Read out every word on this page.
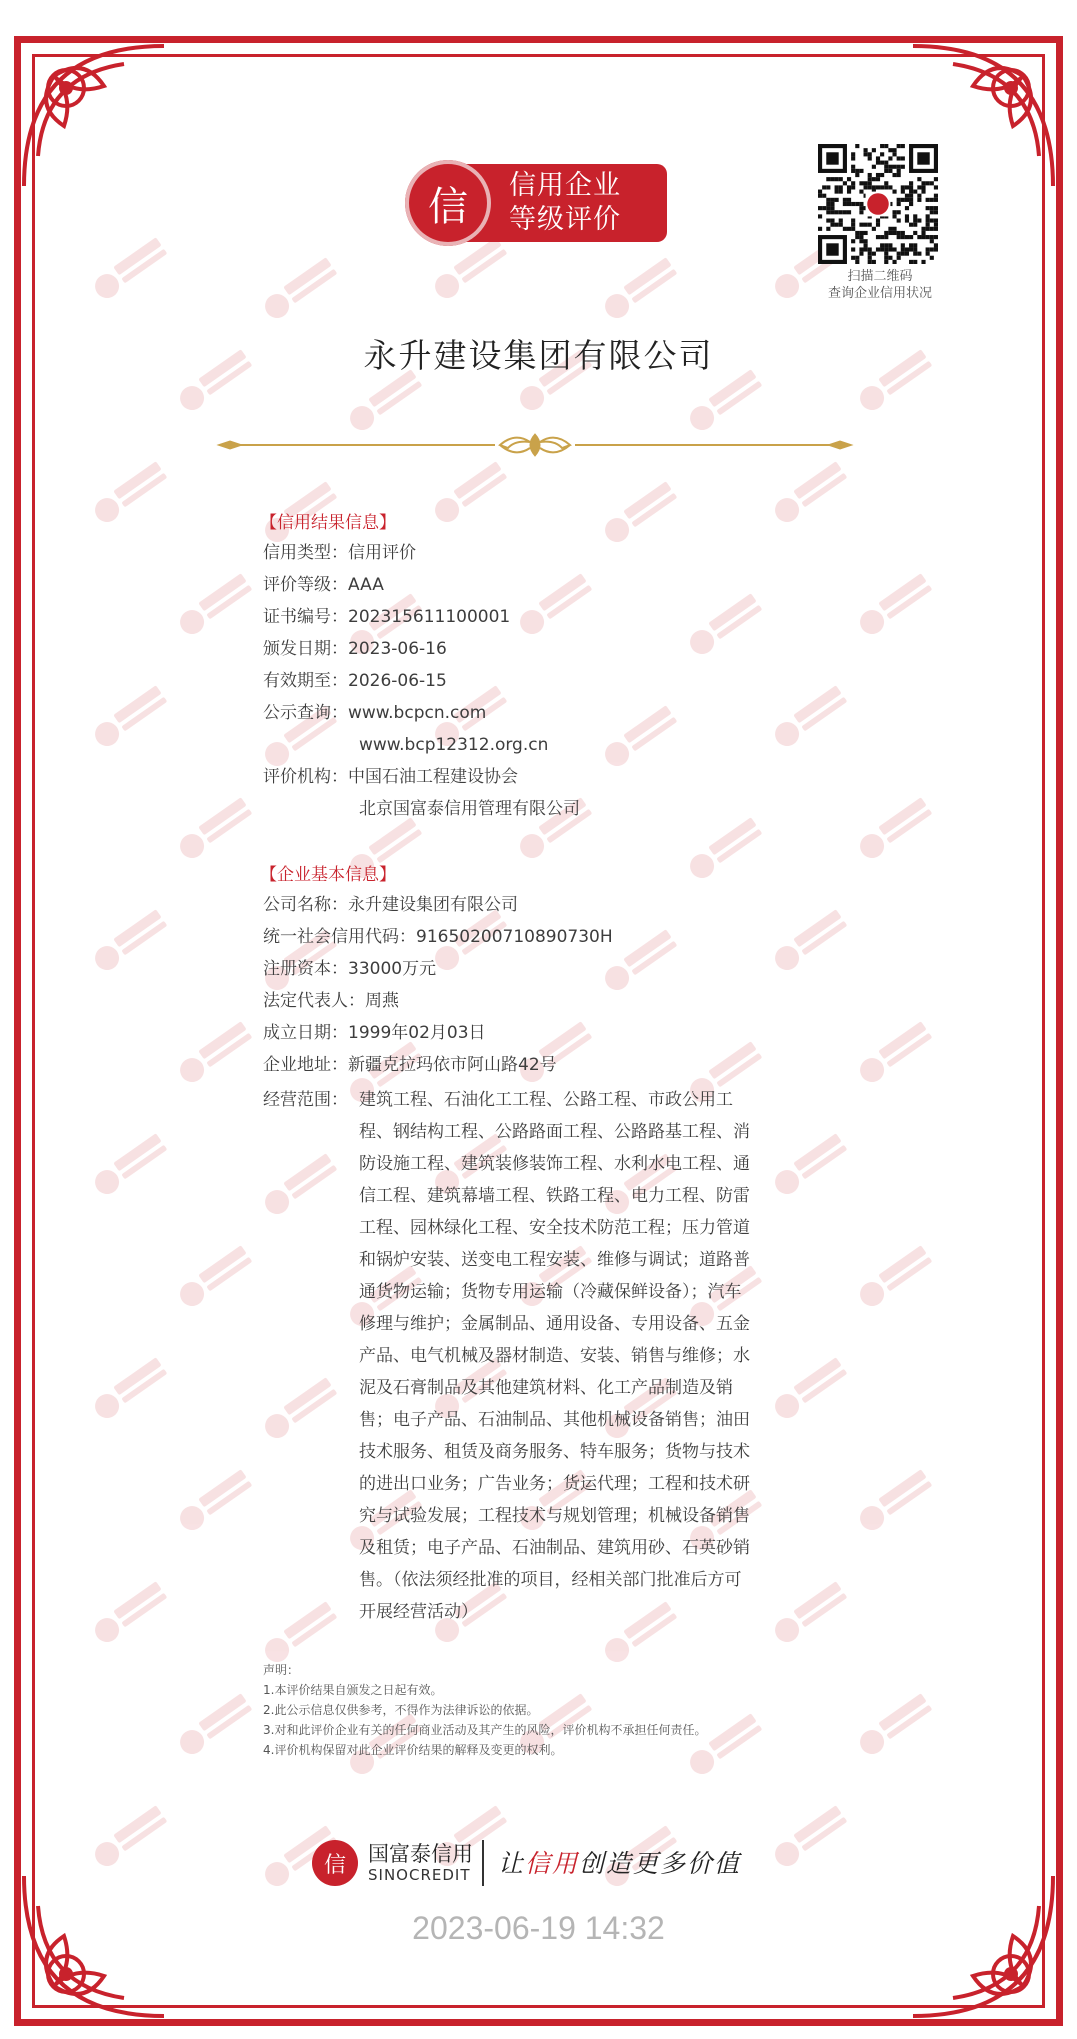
信用企业
等级评价
信
扫描二维码
查询企业信用状况
永升建设集团有限公司
【信用结果信息】
信用类型：信用评价
评价等级：AAA
证书编号：202315611100001
颁发日期：2023-06-16
有效期至：2026-06-15
公示查询：www.bcpcn.com
www.bcp12312.org.cn
评价机构：中国石油工程建设协会
北京国富泰信用管理有限公司
【企业基本信息】
公司名称：永升建设集团有限公司
统一社会信用代码：91650200710890730H
注册资本：33000万元
法定代表人：周燕
成立日期：1999年02月03日
企业地址：新疆克拉玛依市阿山路42号
经营范围： 建筑工程、石油化工工程、公路工程、市政公用工
程、钢结构工程、公路路面工程、公路路基工程、消
防设施工程、建筑装修装饰工程、水利水电工程、通
信工程、建筑幕墙工程、铁路工程、电力工程、防雷
工程、园林绿化工程、安全技术防范工程；压力管道
和锅炉安装、送变电工程安装、维修与调试；道路普
通货物运输；货物专用运输（冷藏保鲜设备）；汽车
修理与维护；金属制品、通用设备、专用设备、五金
产品、电气机械及器材制造、安装、销售与维修；水
泥及石膏制品及其他建筑材料、化工产品制造及销
售；电子产品、石油制品、其他机械设备销售；油田
技术服务、租赁及商务服务、特车服务；货物与技术
的进出口业务；广告业务；货运代理；工程和技术研
究与试验发展；工程技术与规划管理；机械设备销售
及租赁；电子产品、石油制品、建筑用砂、石英砂销
售。（依法须经批准的项目，经相关部门批准后方可
开展经营活动）
声明：
1.本评价结果自颁发之日起有效。
2.此公示信息仅供参考，不得作为法律诉讼的依据。
3.对和此评价企业有关的任何商业活动及其产生的风险，评价机构不承担任何责任。
4.评价机构保留对此企业评价结果的解释及变更的权利。
信	国富泰信用
SINOCREDIT 让信用创造更多价值
2023-06-19 14:32
